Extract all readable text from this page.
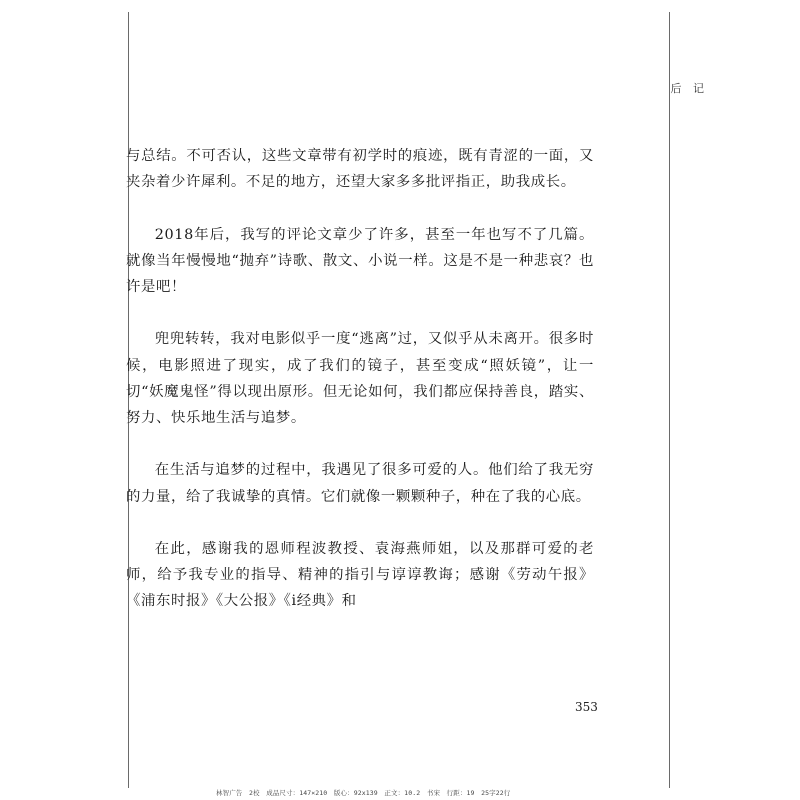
后 记

与总结。不可否认，这些文章带有初学时的痕迹，既有青涩的一面，又夹杂着少许犀利。不足的地方，还望大家多多批评指正，助我成长。

2018年后，我写的评论文章少了许多，甚至一年也写不了几篇。就像当年慢慢地“抛弃”诗歌、散文、小说一样。这是不是一种悲哀？也许是吧！

兜兜转转，我对电影似乎一度“逃离”过，又似乎从未离开。很多时候，电影照进了现实，成了我们的镜子，甚至变成“照妖镜”，让一切“妖魔鬼怪”得以现出原形。但无论如何，我们都应保持善良，踏实、努力、快乐地生活与追梦。

在生活与追梦的过程中，我遇见了很多可爱的人。他们给了我无穷的力量，给了我诚挚的真情。它们就像一颗颗种子，种在了我的心底。

在此，感谢我的恩师程波教授、袁海燕师姐，以及那群可爱的老师，给予我专业的指导、精神的指引与谆谆教诲；感谢《劳动午报》《浦东时报》《大公报》《i经典》和

353
林智广告　2校　成品尺寸：147×210　版心：92x139　正文：10.2　书宋　行距：19　25字22行
